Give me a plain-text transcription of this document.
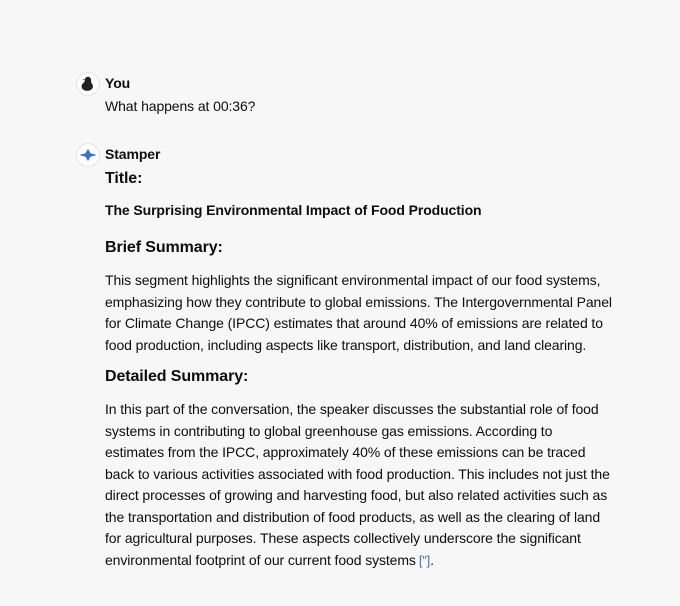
You
What happens at 00:36?
Stamper
Title:
The Surprising Environmental Impact of Food Production
Brief Summary:

This segment highlights the significant environmental impact of our food systems, emphasizing how they contribute to global emissions. The Intergovernmental Panel for Climate Change (IPCC) estimates that around 40% of emissions are related to food production, including aspects like transport, distribution, and land clearing.

Detailed Summary:

In this part of the conversation, the speaker discusses the substantial role of food systems in contributing to global greenhouse gas emissions. According to estimates from the IPCC, approximately 40% of these emissions can be traced back to various activities associated with food production. This includes not just the direct processes of growing and harvesting food, but also related activities such as the transportation and distribution of food products, as well as the clearing of land for agricultural purposes. These aspects collectively underscore the significant environmental footprint of our current food systems [”].
